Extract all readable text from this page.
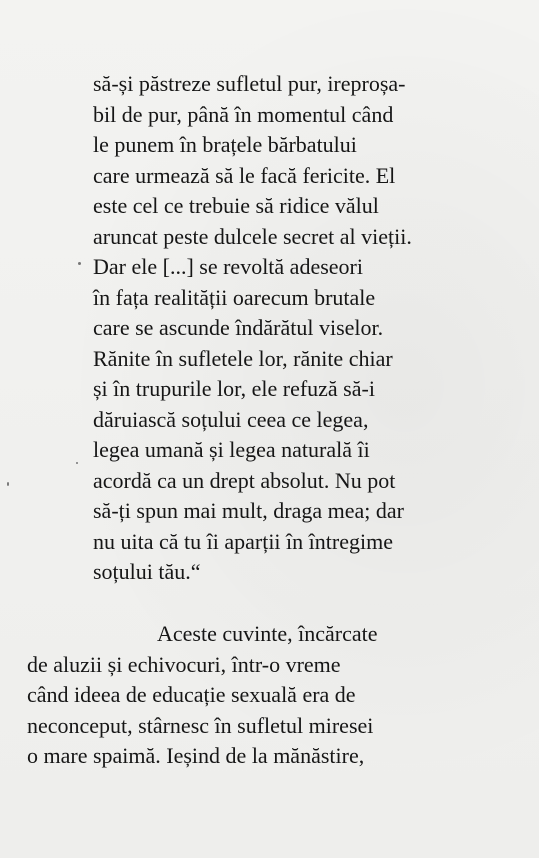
să-și păstreze sufletul pur, ireproșa-
bil de pur, până în momentul când
le punem în brațele bărbatului
care urmează să le facă fericite. El
este cel ce trebuie să ridice vălul
aruncat peste dulcele secret al vieții.
Dar ele [...] se revoltă adeseori
în fața realității oarecum brutale
care se ascunde îndărătul viselor.
Rănite în sufletele lor, rănite chiar
și în trupurile lor, ele refuză să-i
dăruiască soțului ceea ce legea,
legea umană și legea naturală îi
acordă ca un drept absolut. Nu pot
să-ți spun mai mult, draga mea; dar
nu uita că tu îi aparții în întregime
soțului tău.“
Aceste cuvinte, încărcate
de aluzii și echivocuri, într-o vreme
când ideea de educație sexuală era de
neconceput, stârnesc în sufletul miresei
o mare spaimă. Ieșind de la mănăstire,
